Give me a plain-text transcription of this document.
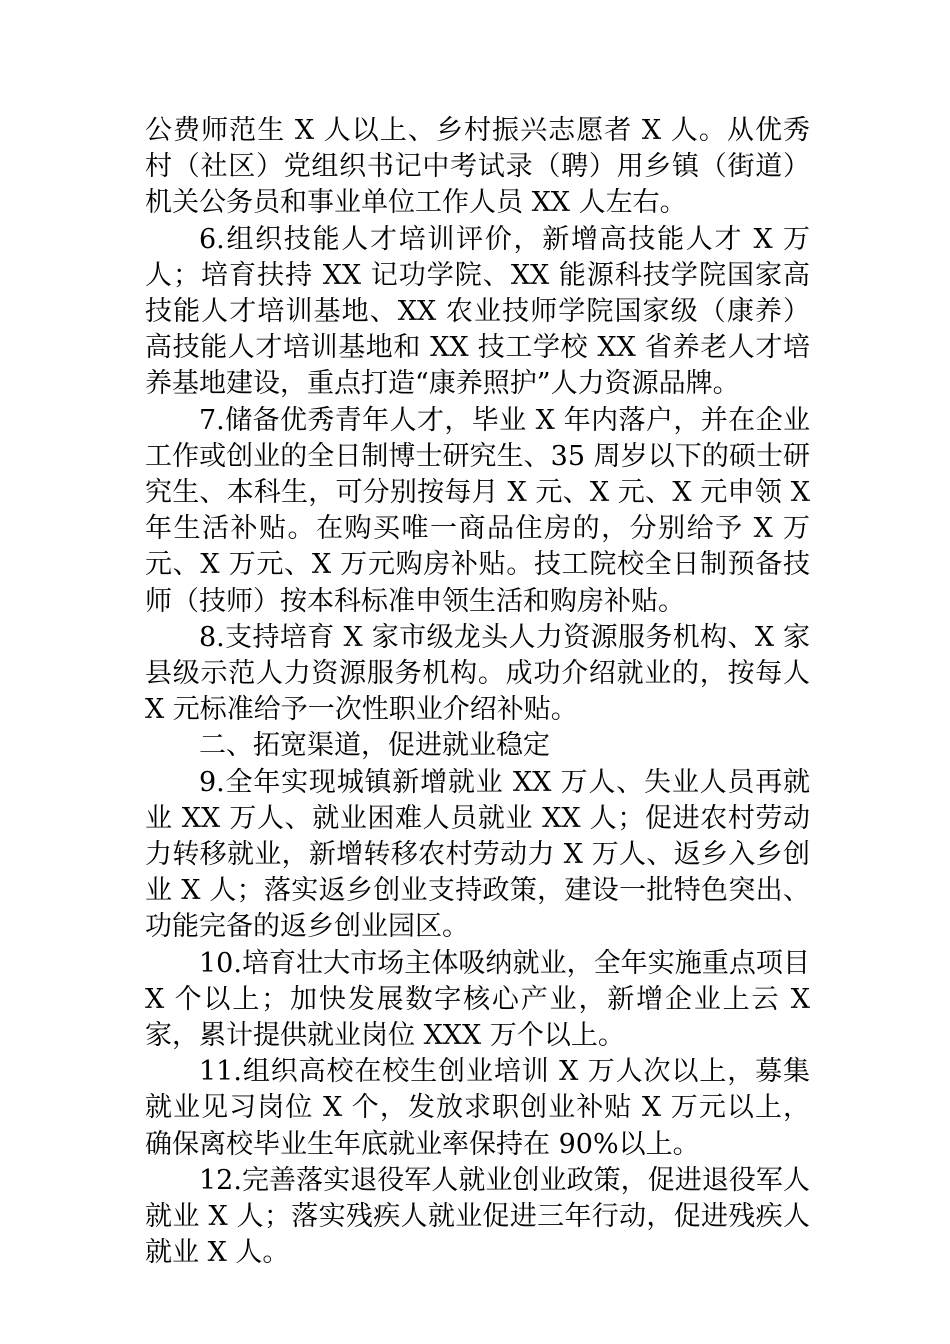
公费师范生 X 人以上、乡村振兴志愿者 X 人。从优秀村（社区）党组织书记中考试录（聘）用乡镇（街道）机关公务员和事业单位工作人员 XX 人左右。

6.组织技能人才培训评价，新增高技能人才 X 万人；培育扶持 XX 记功学院、XX 能源科技学院国家高技能人才培训基地、XX 农业技师学院国家级（康养）高技能人才培训基地和 XX 技工学校 XX 省养老人才培养基地建设，重点打造“康养照护”人力资源品牌。

7.储备优秀青年人才，毕业 X 年内落户，并在企业工作或创业的全日制博士研究生、35 周岁以下的硕士研究生、本科生，可分别按每月 X 元、X 元、X 元申领 X 年生活补贴。在购买唯一商品住房的，分别给予 X 万元、X 万元、X 万元购房补贴。技工院校全日制预备技师（技师）按本科标准申领生活和购房补贴。

8.支持培育 X 家市级龙头人力资源服务机构、X 家县级示范人力资源服务机构。成功介绍就业的，按每人 X 元标准给予一次性职业介绍补贴。

二、拓宽渠道，促进就业稳定

9.全年实现城镇新增就业 XX 万人、失业人员再就业 XX 万人、就业困难人员就业 XX 人；促进农村劳动力转移就业，新增转移农村劳动力 X 万人、返乡入乡创业 X 人；落实返乡创业支持政策，建设一批特色突出、功能完备的返乡创业园区。

10.培育壮大市场主体吸纳就业，全年实施重点项目 X 个以上；加快发展数字核心产业，新增企业上云 X 家，累计提供就业岗位 XXX 万个以上。

11.组织高校在校生创业培训 X 万人次以上，募集就业见习岗位 X 个，发放求职创业补贴 X 万元以上，确保离校毕业生年底就业率保持在 90%以上。

12.完善落实退役军人就业创业政策，促进退役军人就业 X 人；落实残疾人就业促进三年行动，促进残疾人就业 X 人。
